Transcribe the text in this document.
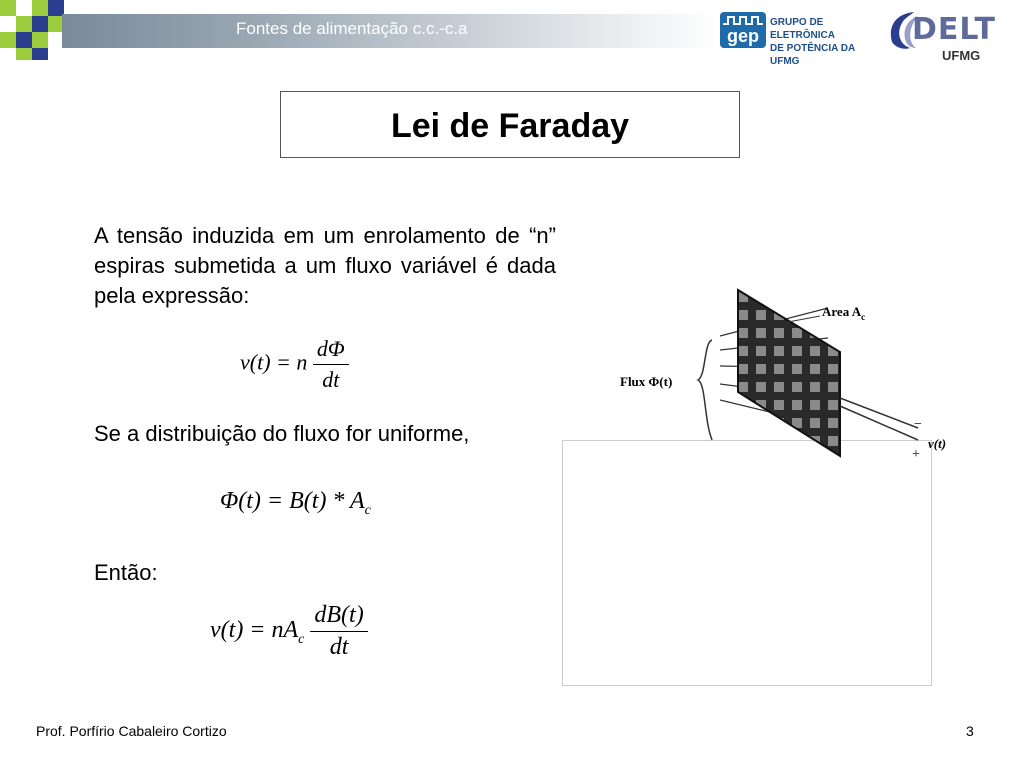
Fontes de alimentação c.c.-c.a	gep
GRUPO DE ELETRÔNICA
DE POTÊNCIA DA UFMG
DELT
UFMG
Lei de Faraday
A tensão induzida em um enrolamento de “n” espiras submetida a um fluxo variável é dada pela expressão:
v(t) = n $\frac{d\Phi}{dt}$
Se a distribuição do fluxo for uniforme,
$\Phi(t) = B(t) * A_c$
Então:
$v(t) = nA_c \frac{dB(t)}{dt}$
·
Area $A_c$
Flux Φ(t)
v(t)
−
+
Prof. Porfírio Cabaleiro Cortizo	3
